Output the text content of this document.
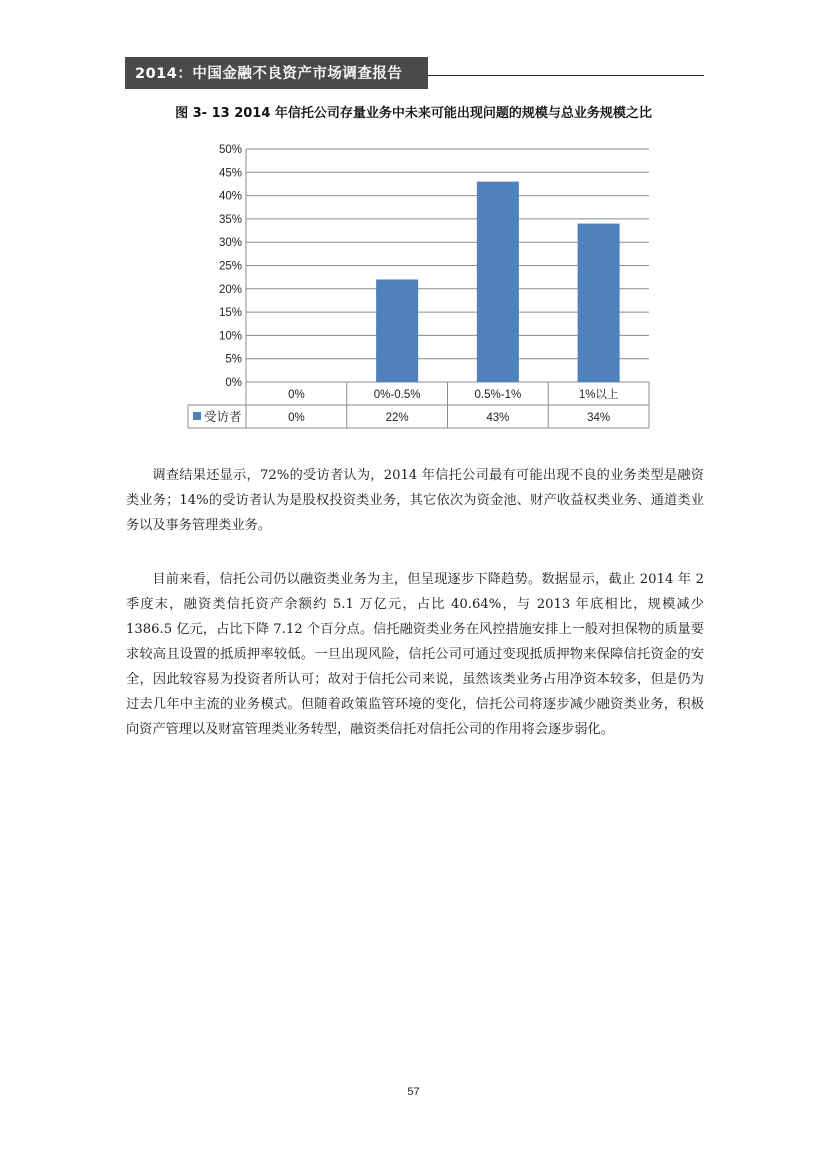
2014：中国金融不良资产市场调查报告
图 3- 13 2014 年信托公司存量业务中未来可能出现问题的规模与总业务规模之比
0%
5%
10%
15%
20%
25%
30%
35%
40%
45%
50%
0%
0%
0%-0.5%
22%
0.5%-1%
43%
1%以上
34%
受访者
调查结果还显示，72%的受访者认为，2014 年信托公司最有可能出现不良的业务类型是融资类业务；14%的受访者认为是股权投资类业务，其它依次为资金池、财产收益权类业务、通道类业务以及事务管理类业务。
目前来看，信托公司仍以融资类业务为主，但呈现逐步下降趋势。数据显示，截止 2014 年 2 季度末，融资类信托资产余额约 5.1 万亿元，占比 40.64%，与 2013 年底相比，规模减少 1386.5 亿元，占比下降 7.12 个百分点。信托融资类业务在风控措施安排上一般对担保物的质量要求较高且设置的抵质押率较低。一旦出现风险，信托公司可通过变现抵质押物来保障信托资金的安全，因此较容易为投资者所认可；故对于信托公司来说，虽然该类业务占用净资本较多，但是仍为过去几年中主流的业务模式。但随着政策监管环境的变化，信托公司将逐步减少融资类业务，积极向资产管理以及财富管理类业务转型，融资类信托对信托公司的作用将会逐步弱化。
57
